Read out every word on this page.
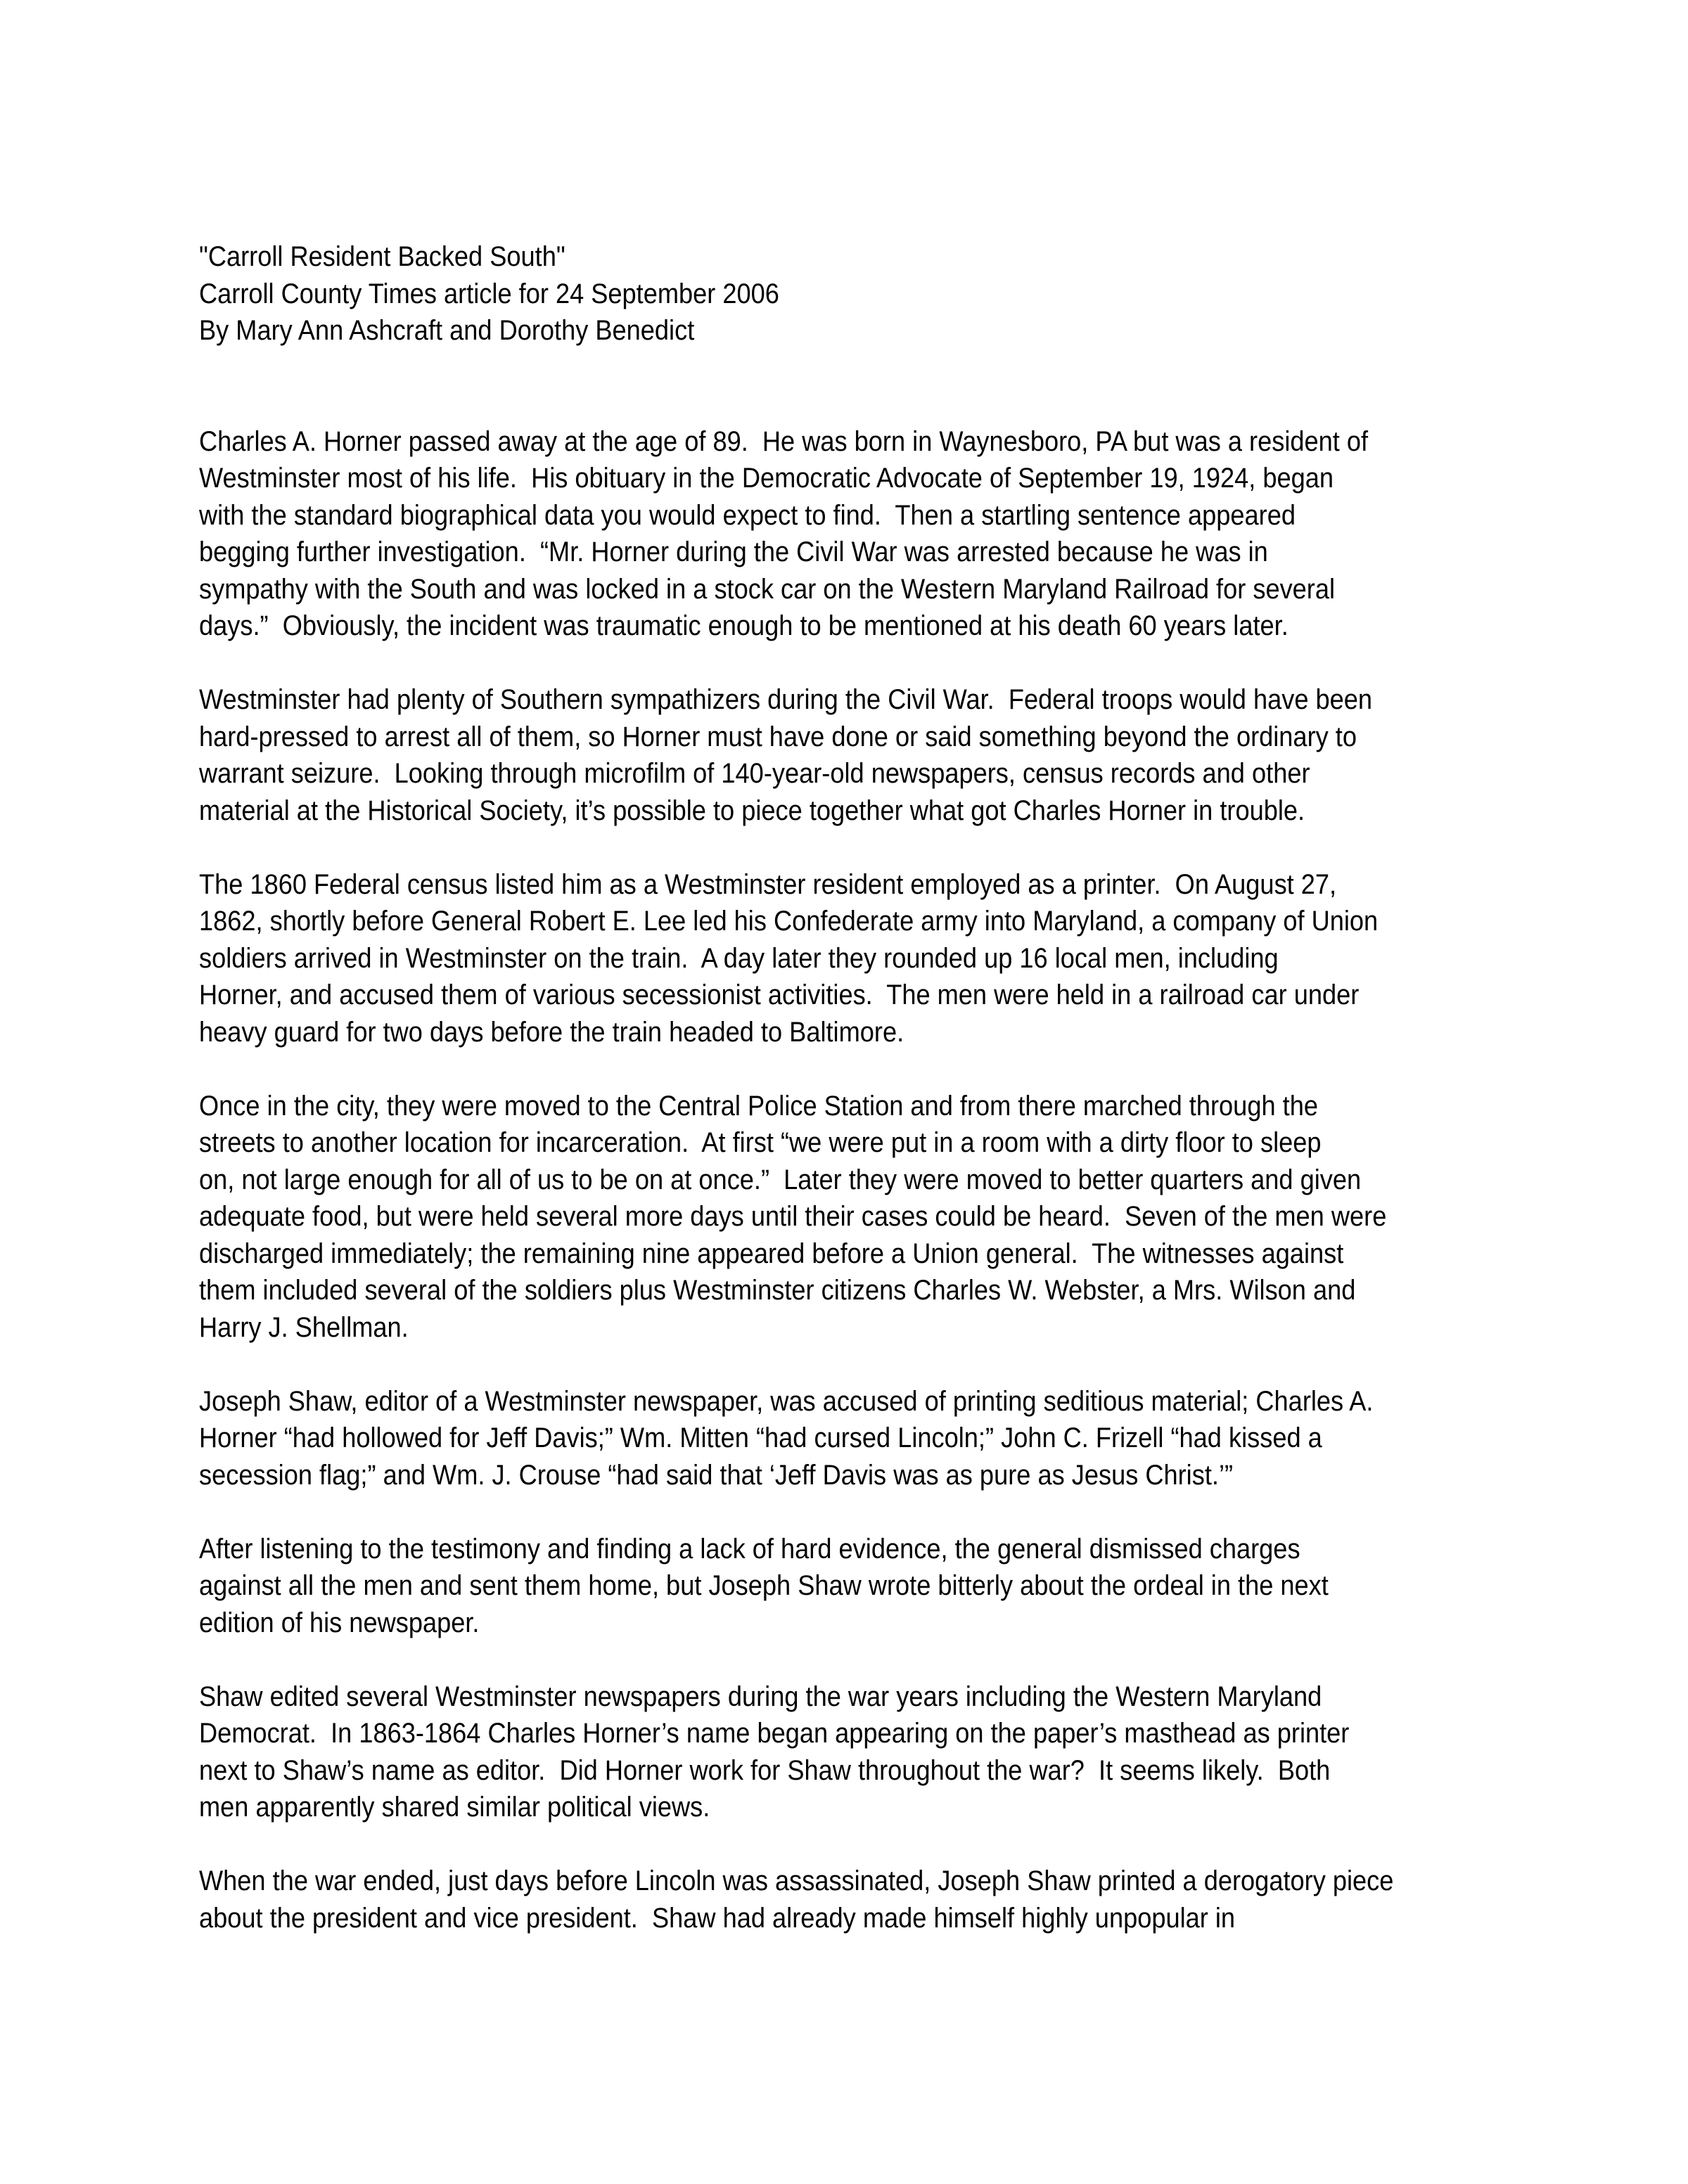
"Carroll Resident Backed South"
Carroll County Times article for 24 September 2006
By Mary Ann Ashcraft and Dorothy Benedict
Charles A. Horner passed away at the age of 89.  He was born in Waynesboro, PA but was a resident of
Westminster most of his life.  His obituary in the Democratic Advocate of September 19, 1924, began
with the standard biographical data you would expect to find.  Then a startling sentence appeared
begging further investigation.  “Mr. Horner during the Civil War was arrested because he was in
sympathy with the South and was locked in a stock car on the Western Maryland Railroad for several
days.”  Obviously, the incident was traumatic enough to be mentioned at his death 60 years later.
Westminster had plenty of Southern sympathizers during the Civil War.  Federal troops would have been
hard-pressed to arrest all of them, so Horner must have done or said something beyond the ordinary to
warrant seizure.  Looking through microfilm of 140-year-old newspapers, census records and other
material at the Historical Society, it’s possible to piece together what got Charles Horner in trouble.
The 1860 Federal census listed him as a Westminster resident employed as a printer.  On August 27,
1862, shortly before General Robert E. Lee led his Confederate army into Maryland, a company of Union
soldiers arrived in Westminster on the train.  A day later they rounded up 16 local men, including
Horner, and accused them of various secessionist activities.  The men were held in a railroad car under
heavy guard for two days before the train headed to Baltimore.
Once in the city, they were moved to the Central Police Station and from there marched through the
streets to another location for incarceration.  At first “we were put in a room with a dirty floor to sleep
on, not large enough for all of us to be on at once.”  Later they were moved to better quarters and given
adequate food, but were held several more days until their cases could be heard.  Seven of the men were
discharged immediately; the remaining nine appeared before a Union general.  The witnesses against
them included several of the soldiers plus Westminster citizens Charles W. Webster, a Mrs. Wilson and
Harry J. Shellman.
Joseph Shaw, editor of a Westminster newspaper, was accused of printing seditious material; Charles A.
Horner “had hollowed for Jeff Davis;” Wm. Mitten “had cursed Lincoln;” John C. Frizell “had kissed a
secession flag;” and Wm. J. Crouse “had said that ‘Jeff Davis was as pure as Jesus Christ.’”
After listening to the testimony and finding a lack of hard evidence, the general dismissed charges
against all the men and sent them home, but Joseph Shaw wrote bitterly about the ordeal in the next
edition of his newspaper.
Shaw edited several Westminster newspapers during the war years including the Western Maryland
Democrat.  In 1863-1864 Charles Horner’s name began appearing on the paper’s masthead as printer
next to Shaw’s name as editor.  Did Horner work for Shaw throughout the war?  It seems likely.  Both
men apparently shared similar political views.
When the war ended, just days before Lincoln was assassinated, Joseph Shaw printed a derogatory piece
about the president and vice president.  Shaw had already made himself highly unpopular in
